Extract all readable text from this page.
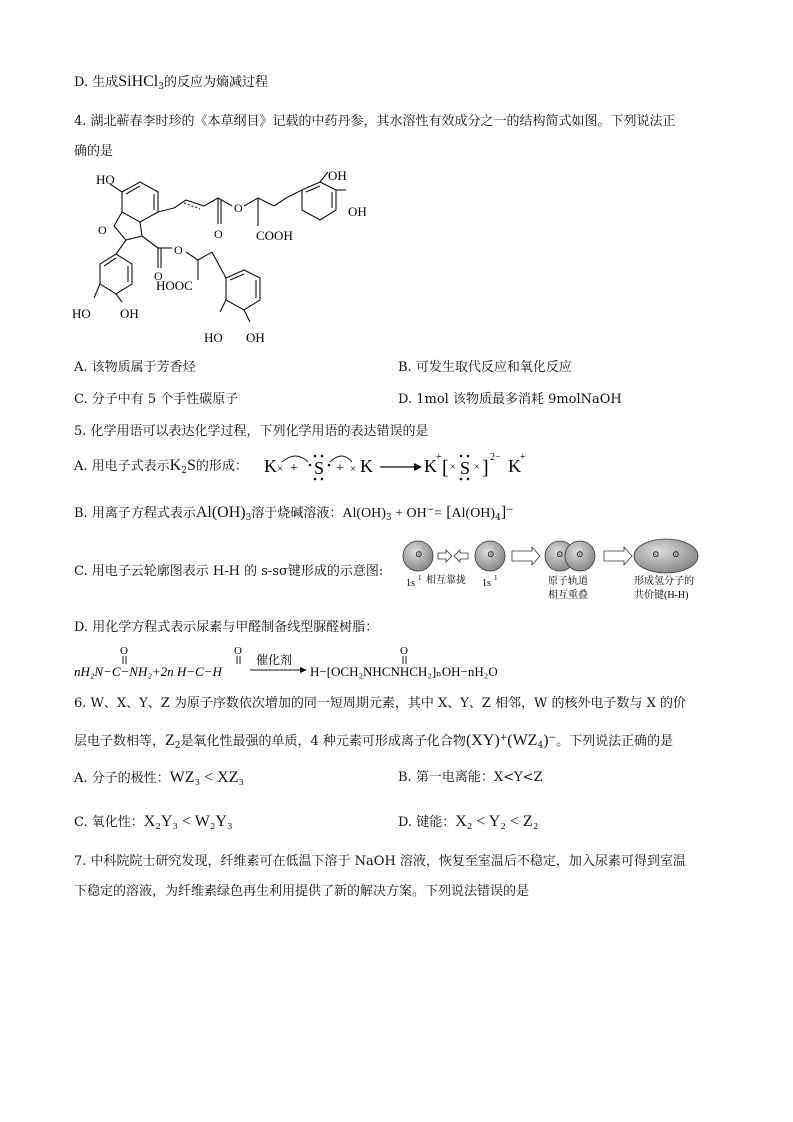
D. 生成SiHCl$_3$的反应为熵减过程
4. 湖北蕲春李时珍的《本草纲目》记载的中药丹参，其水溶性有效成分之一的结构简式如图。下列说法正
确的是
HO	OH
OH
O
O	COOH
O
O
O
HOOC
HO OH
HO OH
A. 该物质属于芳香烃	B. 可发生取代反应和氧化反应
C. 分子中有 5 个手性碳原子	D. 1mol 该物质最多消耗 9molNaOH
5. 化学用语可以表达化学过程，下列化学用语的表达错误的是
A. 用电子式表示$K_2S$的形成： K × + S + × K	K + [ × S × ] 2− K +
B. 用离子方程式表示$Al(OH)_3$溶于烧碱溶液：$Al(OH)_3 + OH^-= [Al(OH)_4]^-$
C. 用电子云轮廓图表示 H-H 的 s-sσ键形成的示意图:
⊙	⊙	⊙ ⊙	⊙ ⊙
1s 1 相互靠拢 1s 1	原子轨道
相互重叠
形成氢分子的
共价键(H-H)
D. 用化学方程式表示尿素与甲醛制备线型脲醛树脂：
O	O
nH₂N−C−NH₂+2n H−C−H
催化剂
O
H−[OCH₂NHCNHCH₂]ₙOH−nH₂O
6. W、X、Y、Z 为原子序数依次增加的同一短周期元素，其中 X、Y、Z 相邻，W 的核外电子数与 X 的价
层电子数相等，$Z_2$是氧化性最强的单质，4 种元素可形成离子化合物$(XY)^+(WZ_4)^-$。下列说法正确的是
A. 分子的极性：WZ₃ < XZ₃	B. 第一电离能：X<Y<Z
C. 氧化性：X₂Y₃ < W₂Y₃	D. 键能：X₂ < Y₂ < Z₂
7. 中科院院士研究发现，纤维素可在低温下溶于 NaOH 溶液，恢复至室温后不稳定，加入尿素可得到室温
下稳定的溶液，为纤维素绿色再生利用提供了新的解决方案。下列说法错误的是
